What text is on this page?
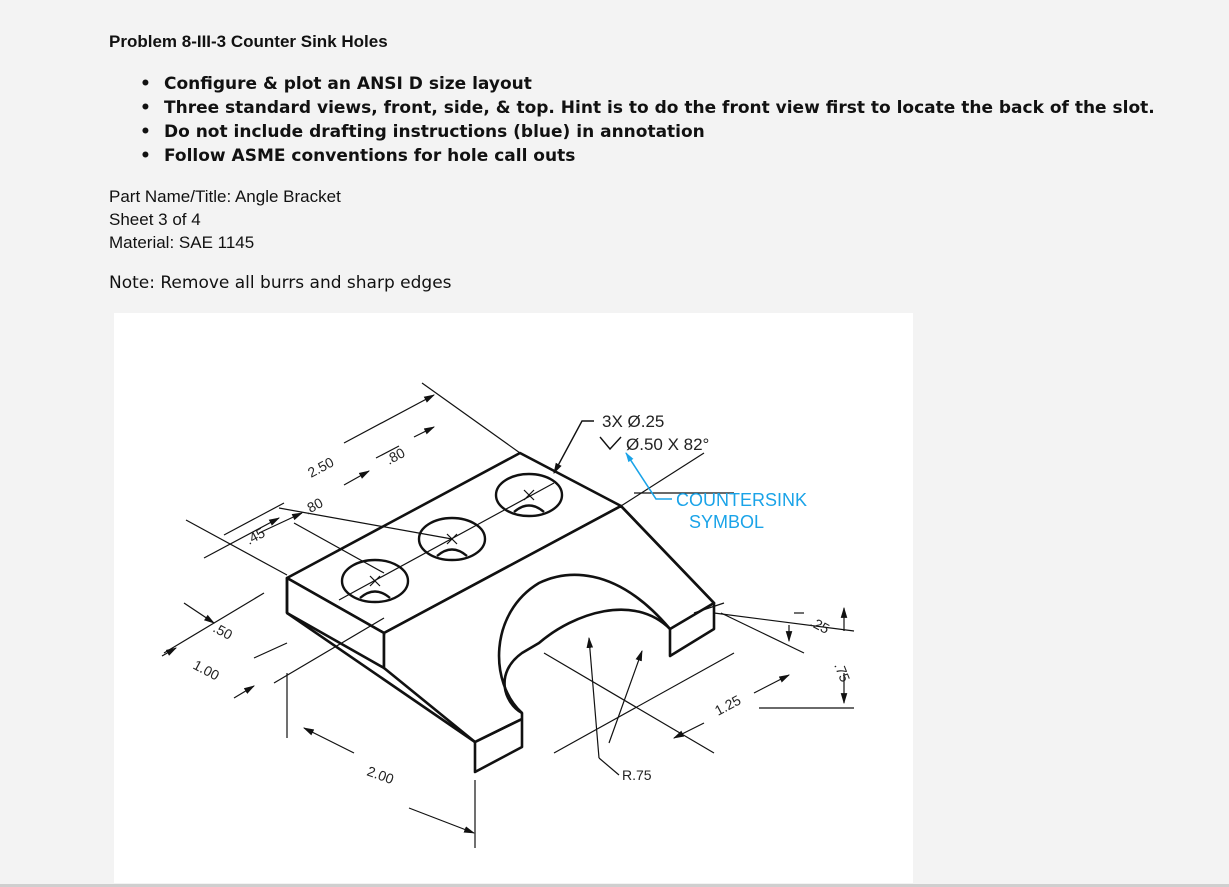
Problem 8-III-3 Counter Sink Holes
• Configure & plot an ANSI D size layout
• Three standard views, front, side, & top. Hint is to do the front view first to locate the back of the slot.
• Do not include drafting instructions (blue) in annotation
• Follow ASME conventions for hole call outs
Part Name/Title: Angle Bracket
Sheet 3 of 4
Material: SAE 1145
Note: Remove all burrs and sharp edges
3X Ø.25
Ø.50 X 82°
COUNTERSINK
SYMBOL
2.50	.80
.80
.45
.50
1.00
2.00	R.75
1.25
.25
.75
